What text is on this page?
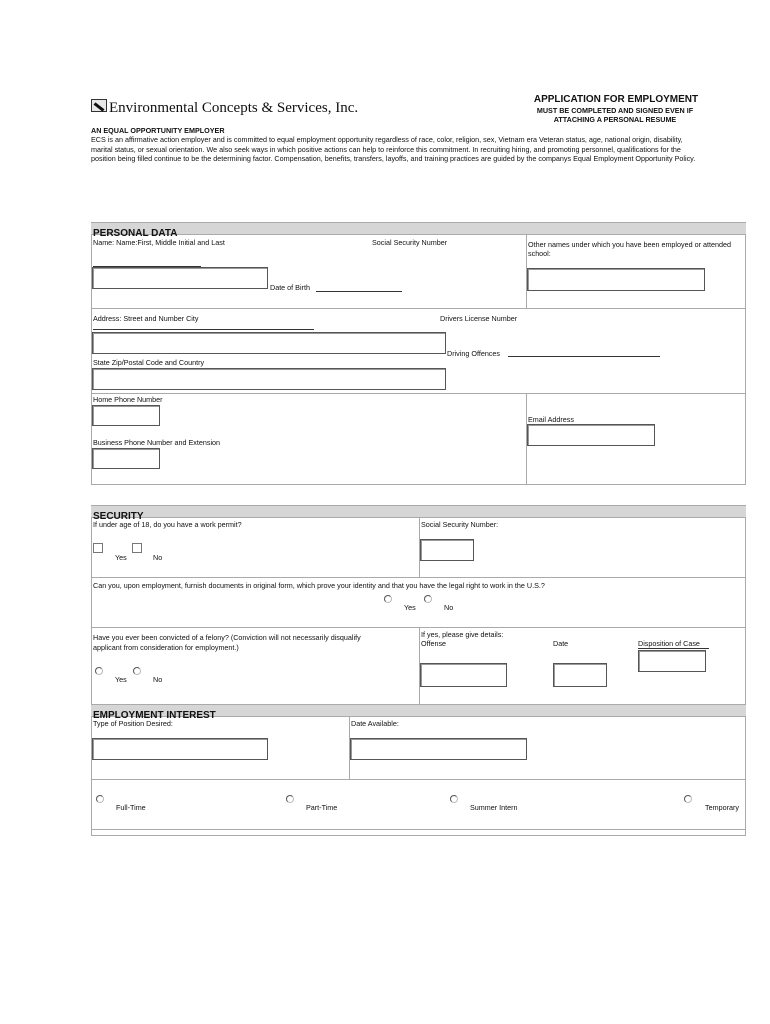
Environmental Concepts & Services, Inc.
APPLICATION FOR EMPLOYMENT
MUST BE COMPLETED AND SIGNED EVEN IF
ATTACHING A PERSONAL RESUME
AN EQUAL OPPORTUNITY EMPLOYER
ECS is an affirmative action employer and is committed to equal employment opportunity regardless of race, color, religion, sex, Vietnam era Veteran status, age, national origin, disability, marital status, or sexual orientation. We also seek ways in which positive actions can help to reinforce this commitment. In recruiting hiring, and promoting personnel, qualifications for the position being filled continue to be the determining factor. Compensation, benefits, transfers, layoffs, and training practices are guided by the companys Equal Employment Opportunity Policy.
PERSONAL DATA
Name: Name:First, Middle Initial and Last	Social Security Number	Other names under which you have been employed or attended school:
Date of Birth
Address: Street and Number City	Drivers License Number
Driving Offences
State Zip/Postal Code and Country
Home Phone Number
Email Address
Business Phone Number and Extension
SECURITY
If under age of 18, do you have a work permit?	Social Security Number:
Yes	No
Can you, upon employment, furnish documents in original form, which prove your identity and that you have the legal right to work in the U.S.?
Yes	No
Have you ever been convicted of a felony? (Conviction will not necessarily disqualify
applicant from consideration for employment.)
Yes	No
If yes, please give details:
Offense	Date	Disposition of Case
EMPLOYMENT INTEREST
Type of Position Desired:	Date Available:
Full-Time	Part-Time	Summer Intern	Temporary
